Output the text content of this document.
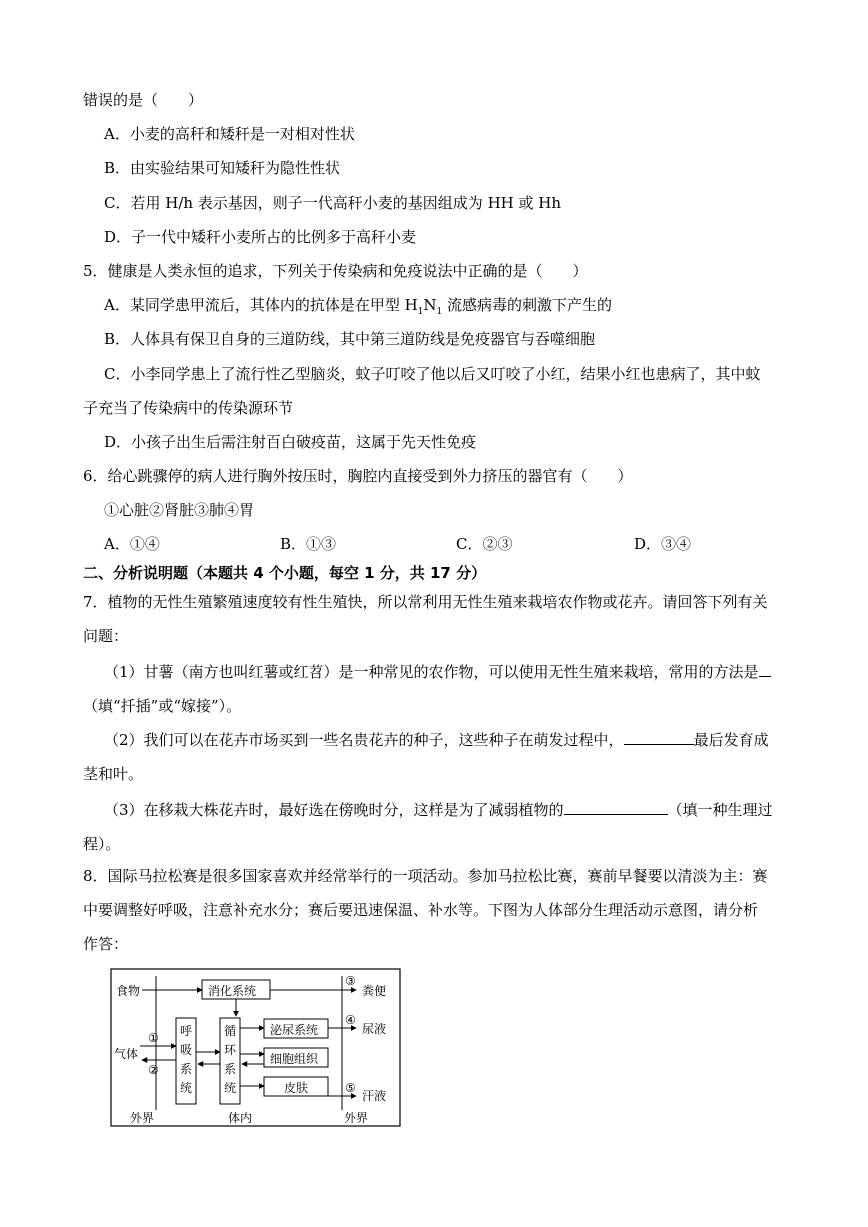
错误的是（　　）
A．小麦的高秆和矮秆是一对相对性状
B．由实验结果可知矮秆为隐性性状
C．若用 H/h 表示基因，则子一代高秆小麦的基因组成为 HH 或 Hh
D．子一代中矮秆小麦所占的比例多于高秆小麦
5．健康是人类永恒的追求，下列关于传染病和免疫说法中正确的是（　　）
A．某同学患甲流后，其体内的抗体是在甲型 $H_1N_1$ 流感病毒的刺激下产生的
B．人体具有保卫自身的三道防线，其中第三道防线是免疫器官与吞噬细胞
C．小李同学患上了流行性乙型脑炎，蚊子叮咬了他以后又叮咬了小红，结果小红也患病了，其中蚊
子充当了传染病中的传染源环节
D．小孩子出生后需注射百白破疫苗，这属于先天性免疫
6．给心跳骤停的病人进行胸外按压时，胸腔内直接受到外力挤压的器官有（　　）
①心脏②肾脏③肺④胃
A．①④	B．①③	C．②③	D．③④
二、分析说明题（本题共 4 个小题，每空 1 分，共 17 分）
7．植物的无性生殖繁殖速度较有性生殖快，所以常利用无性生殖来栽培农作物或花卉。请回答下列有关
问题：
（1）甘薯（南方也叫红薯或红苕）是一种常见的农作物，可以使用无性生殖来栽培，常用的方法是
（填“扦插”或“嫁接”）。
（2）我们可以在花卉市场买到一些名贵花卉的种子，这些种子在萌发过程中，	最后发育成
茎和叶。
（3）在移栽大株花卉时，最好选在傍晚时分，这样是为了减弱植物的	（填一种生理过
程）。
8．国际马拉松赛是很多国家喜欢并经常举行的一项活动。参加马拉松比赛，赛前早餐要以清淡为主：赛
中要调整好呼吸，注意补充水分；赛后要迅速保温、补水等。下图为人体部分生理活动示意图，请分析
作答：
食物	消化系统
③
粪便
呼
吸
系
统
气体
①
②
循
环
系
统
泌尿系统
④
尿液
细胞组织
皮肤	⑤
汗液
外界	体内	外界
